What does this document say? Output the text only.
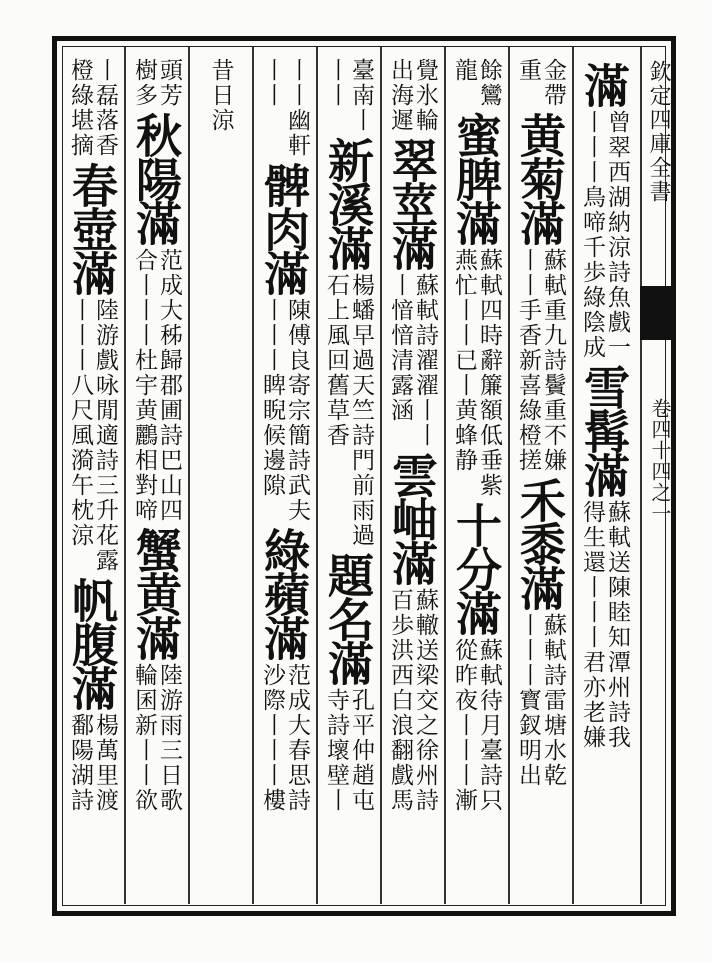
欽定四庫全書
卷四十四之一
滿
曾翠西湖納涼詩魚戲一
丨丨丨鳥啼千歩綠陰成
雪髯滿
蘇軾送陳睦知潭州詩我
得生還丨丨丨君亦老嫌
金帶
重
黄菊滿
蘇軾重九詩鬢重不嫌
丨丨手香新喜綠橙搓
禾黍滿
蘇軾詩雷塘水乾
丨丨丨寳釵明出
餘鸞
龍
蜜脾滿
蘇軾四時辭簾額低垂紫
燕忙丨丨已丨黄蜂静
十分滿
蘇軾待月臺詩只
從昨夜丨丨丨漸
覺氷輪
出海遲
翠莖滿
蘇軾詩濯濯丨丨
丨愔愔清露涵
雲岫滿
蘇轍送梁交之徐州詩
百歩洪西白浪翻戲馬
臺南丨
丨丨
新溪滿
楊蟠早過天竺詩門前雨過
石上風回舊草香
題名滿
孔平仲趙屯
寺詩壞壁丨
丨丨幽軒
丨丨
髀肉滿
陳傅良寄宗簡詩武夫
丨丨丨睥睨候邊隙
綠蘋滿
范成大春思詩
沙際丨丨丨樓
昔日涼
頭芳
樹多
秋陽滿
范成大秭歸郡圃詩巴山四
合丨丨丨杜宇黄鸝相對啼
蟹黄滿
陸游雨三日歌
輪囷新丨丨欲
丨磊落香
橙綠堪摘
春壺滿
陸游戲咏閒適詩三升花露
丨丨丨八尺風漪午枕涼
帆腹滿
楊萬里渡
鄱陽湖詩
